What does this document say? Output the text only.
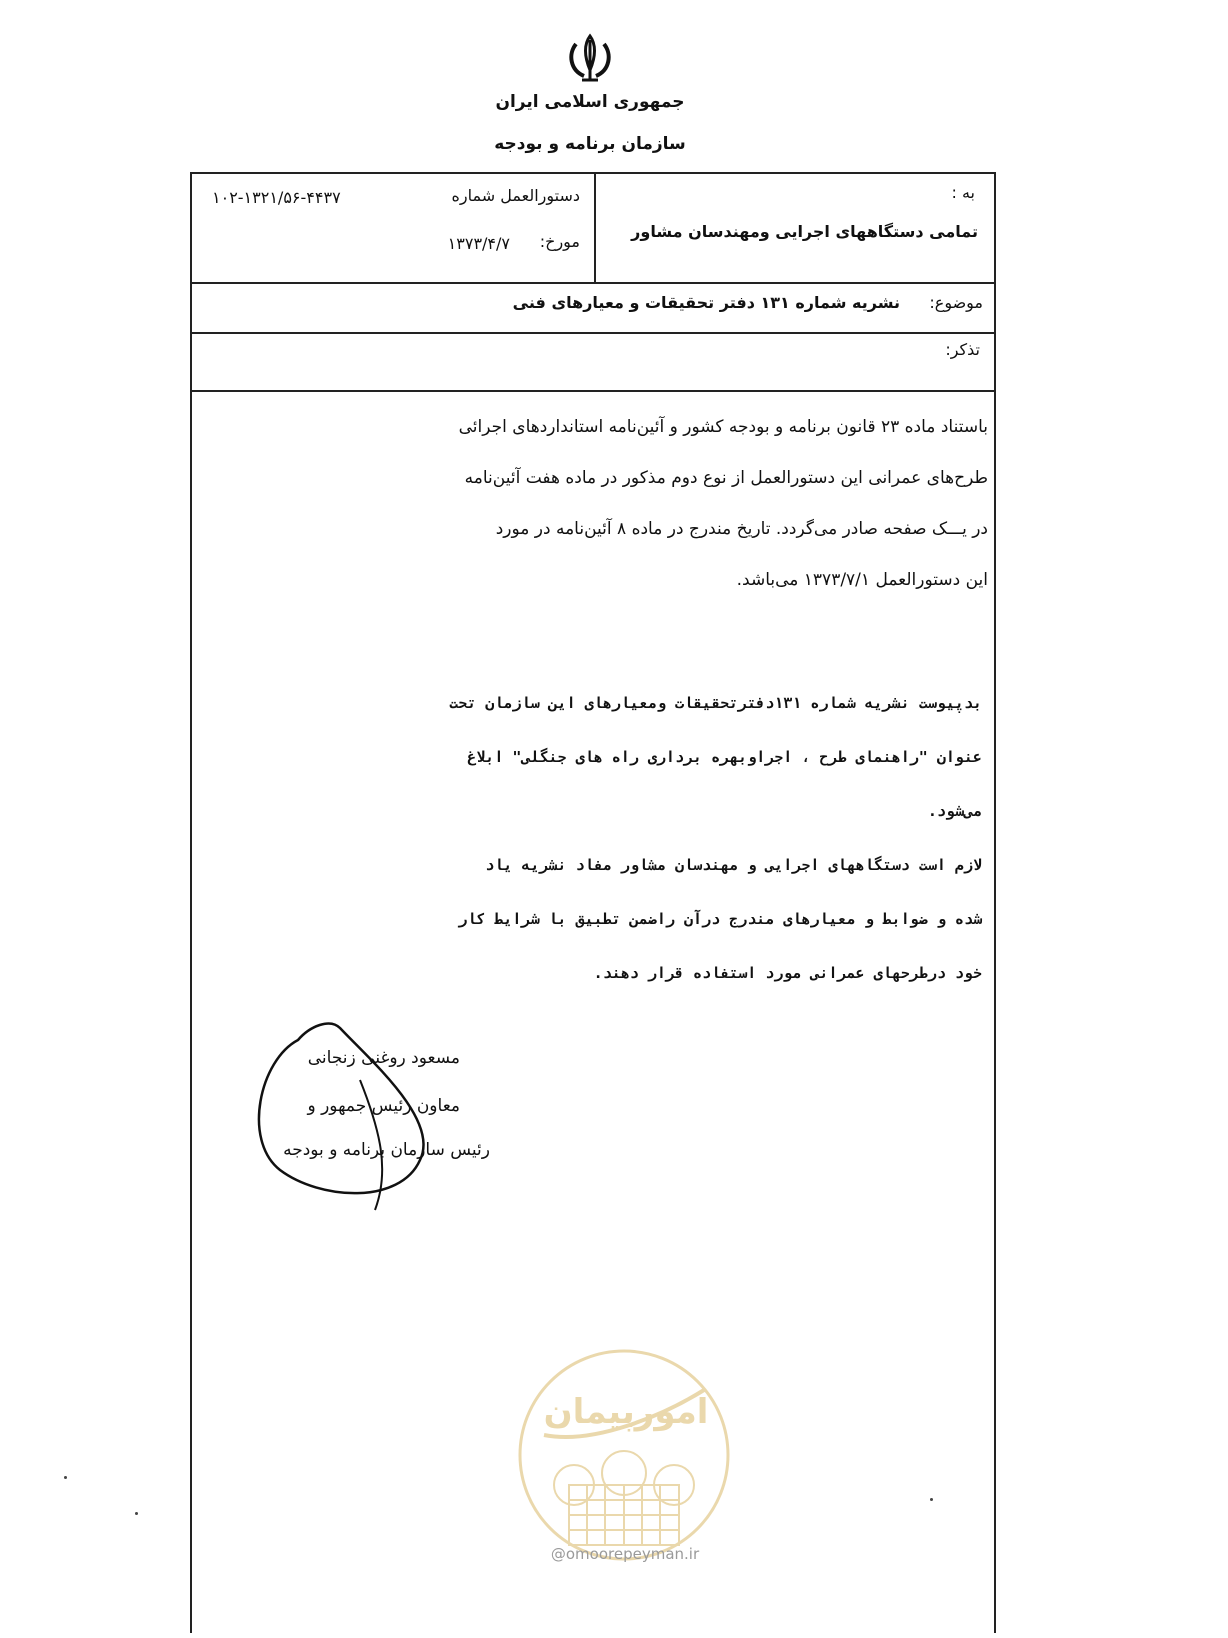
جمهوری اسلامی ایران
سازمان برنامه و بودجه
به :
تمامی دستگاههای اجرایی ومهندسان مشاور
دستورالعمل شماره
۱۰۲-۱۳۲۱/۵۶-۴۴۳۷
مورخ:
۱۳۷۳/۴/۷
موضوع:
نشریه شماره ۱۳۱ دفتر تحقیقات و معیارهای فنی
تذکر:
باستناد ماده ۲۳ قانون برنامه و بودجه کشور و آئین‌نامه استانداردهای اجرائی
طرح‌های عمرانی این دستورالعمل از نوع دوم مذکور در ماده هفت آئین‌نامه
در یـــک صفحه صادر می‌گردد. تاریخ مندرج در ماده ۸ آئین‌نامه در مورد
این دستورالعمل ۱۳۷۳/۷/۱ می‌باشد.
بدپیوست نشریه شماره ۱۳۱دفترتحقیقات ومعیارهای این سازمان تحت
عنوان "راهنمای طرح ، اجراوبهره برداری راه های جنگلی" ابلاغ
می‌شود.
لازم است دستگاههای اجرایی و مهندسان مشاور مفاد نشریه یاد
شده و ضوابط و معیارهای مندرج درآن راضمن تطبیق با شرایط کار
خود درطرحهای عمرانی مورد استفاده قرار دهند.
مسعود روغنی زنجانی
معاون رئیس جمهور و
رئیس سازمان برنامه و بودجه
امورپیمان
@omoorepeyman.ir
